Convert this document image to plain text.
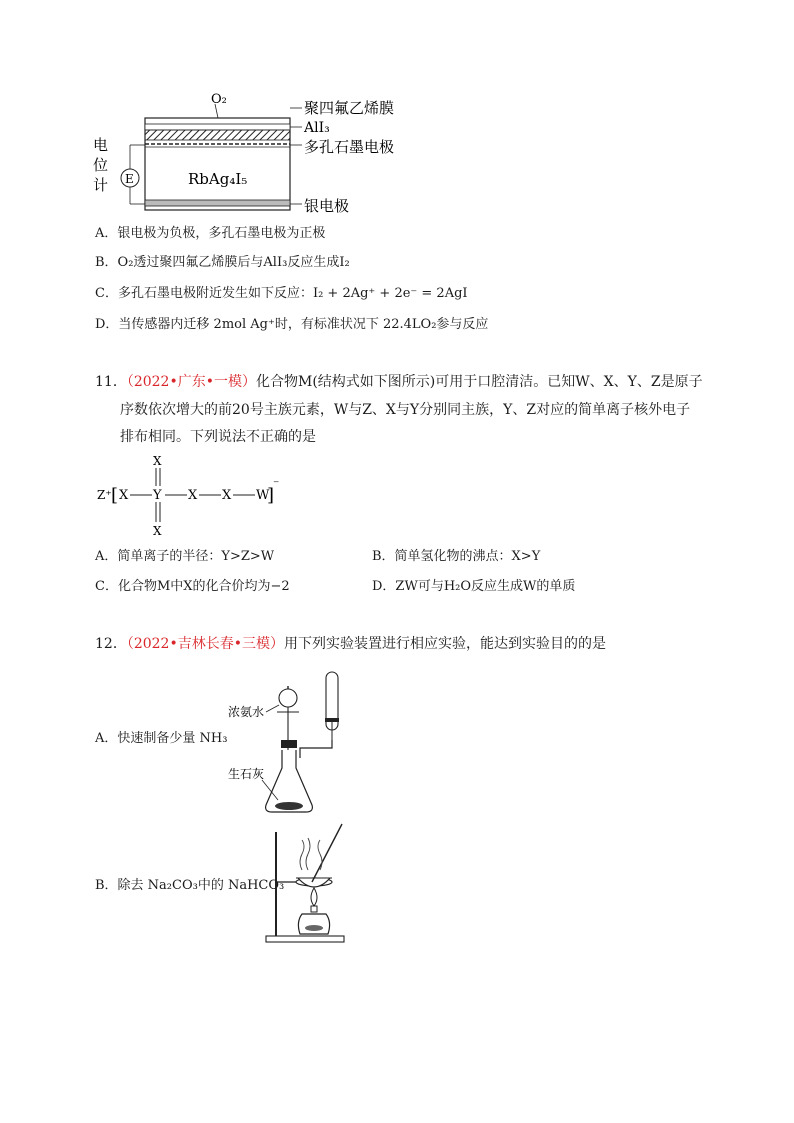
O₂	聚四氟乙烯膜
AlI₃
多孔石墨电极
银电极
RbAg₄I₅
E
电
位
计
A．银电极为负极，多孔石墨电极为正极
B．O₂透过聚四氟乙烯膜后与AlI₃反应生成I₂
C．多孔石墨电极附近发生如下反应：I₂ + 2Ag⁺ + 2e⁻ = 2AgI
D．当传感器内迁移 2mol Ag⁺时，有标准状况下 22.4LO₂参与反应
11．（2022•广东•一模）化合物M(结构式如下图所示)可用于口腔清洁。已知W、X、Y、Z是原子
序数依次增大的前20号主族元素，W与Z、X与Y分别同主族，Y、Z对应的简单离子核外电子
排布相同。下列说法不正确的是
Z⁺ [ X Y
X
X
X X W
]
⁻
A．简单离子的半径：Y>Z>W	B．简单氢化物的沸点：X>Y
C．化合物M中X的化合价均为−2	D．ZW可与H₂O反应生成W的单质
12．（2022•吉林长春•三模）用下列实验装置进行相应实验，能达到实验目的的是
A．快速制备少量 NH₃
浓氨水
生石灰
B．除去 Na₂CO₃中的 NaHCO₃
